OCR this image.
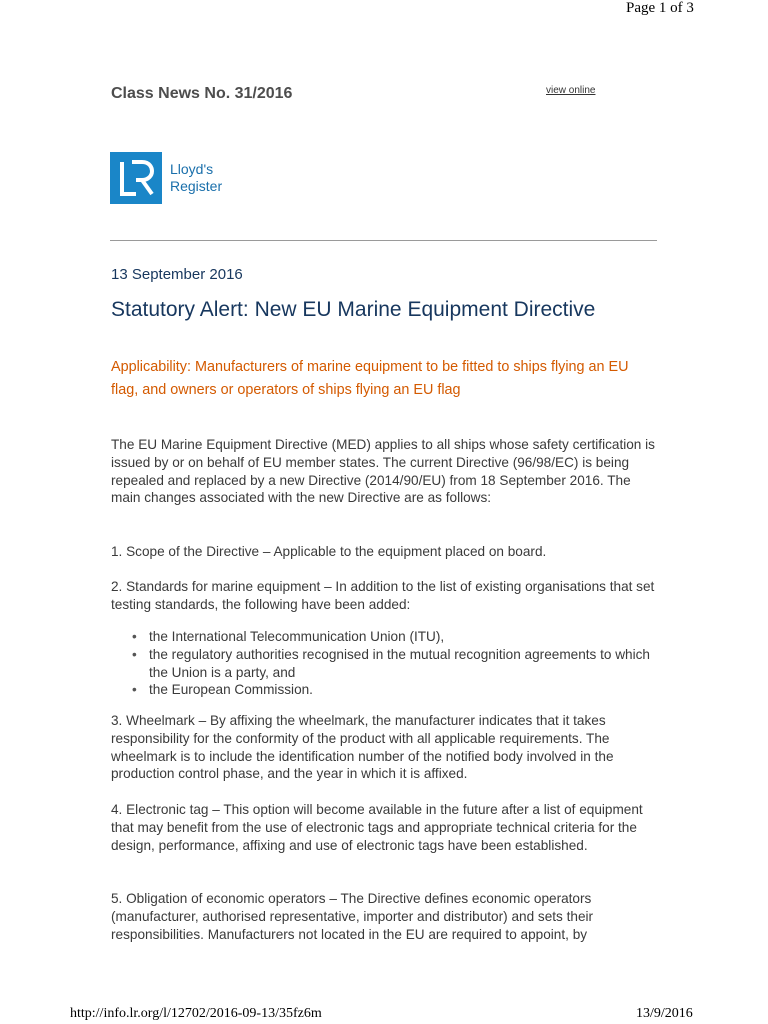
Page 1 of 3
Class News No. 31/2016	view online
Lloyd's
Register
13 September 2016
Statutory Alert: New EU Marine Equipment Directive
Applicability: Manufacturers of marine equipment to be fitted to ships flying an EU flag, and owners or operators of ships flying an EU flag

The EU Marine Equipment Directive (MED) applies to all ships whose safety certification is issued by or on behalf of EU member states. The current Directive (96/98/EC) is being repealed and replaced by a new Directive (2014/90/EU) from 18 September 2016. The main changes associated with the new Directive are as follows:

1. Scope of the Directive – Applicable to the equipment placed on board.

2. Standards for marine equipment – In addition to the list of existing organisations that set testing standards, the following have been added:

• the International Telecommunication Union (ITU),
• the regulatory authorities recognised in the mutual recognition agreements to which the Union is a party, and
• the European Commission.

3. Wheelmark – By affixing the wheelmark, the manufacturer indicates that it takes responsibility for the conformity of the product with all applicable requirements. The wheelmark is to include the identification number of the notified body involved in the production control phase, and the year in which it is affixed.

4. Electronic tag – This option will become available in the future after a list of equipment that may benefit from the use of electronic tags and appropriate technical criteria for the design, performance, affixing and use of electronic tags have been established.

5. Obligation of economic operators – The Directive defines economic operators (manufacturer, authorised representative, importer and distributor) and sets their responsibilities. Manufacturers not located in the EU are required to appoint, by

http://info.lr.org/l/12702/2016-09-13/35fz6m	13/9/2016
